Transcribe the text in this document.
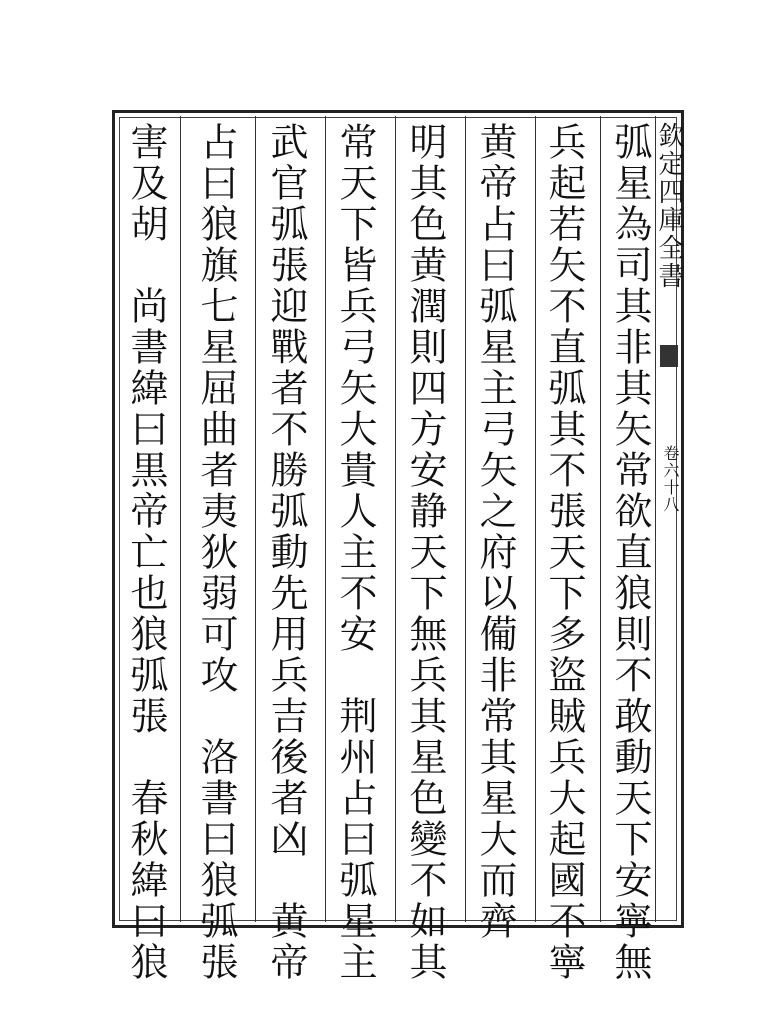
欽定四庫全書
卷六十八
弧星為司其非其矢常欲直狼則不敢動天下安寧無
兵起若矢不直弧其不張天下多盜賊兵大起國不寧
黄帝占曰弧星主弓矢之府以僃非常其星大而齊
明其色黄潤則四方安静天下無兵其星色變不如其
常天下皆兵弓矢大貴人主不安　荆州占曰弧星主
武官弧張迎戰者不勝弧動先用兵吉後者凶　黄帝
占曰狼旗七星屈曲者夷狄弱可攻　洛書曰狼弧張
害及胡　尚書緯曰黒帝亡也狼弧張　春秋緯曰狼
